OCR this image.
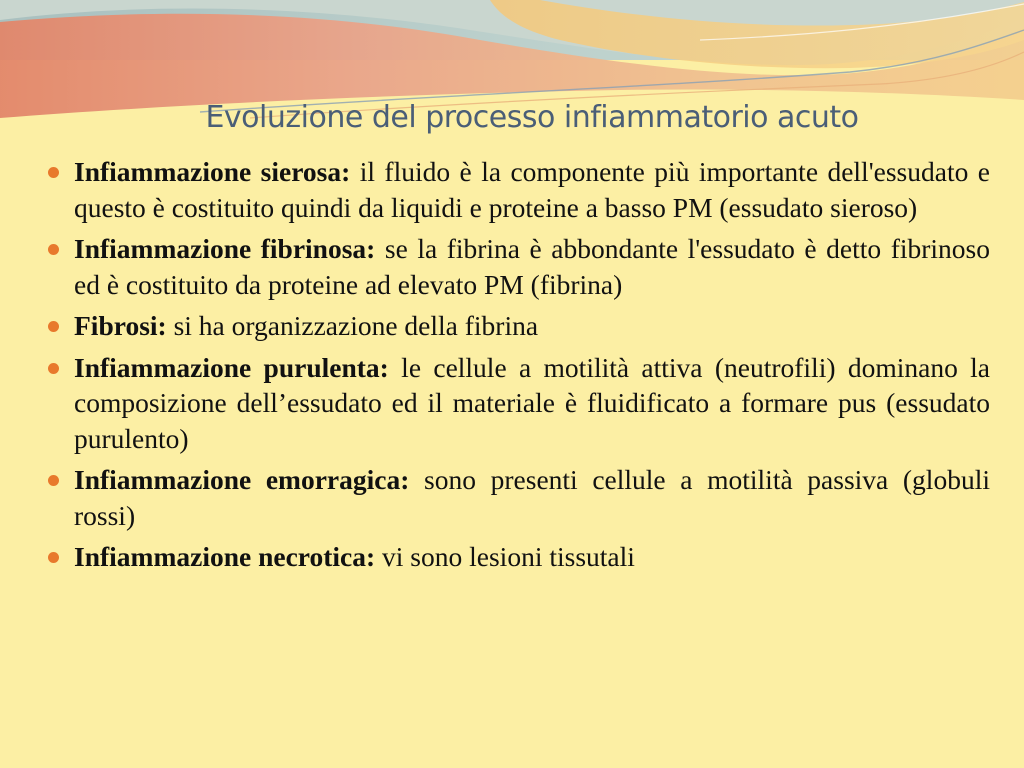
Evoluzione del processo infiammatorio acuto
Infiammazione sierosa: il fluido è la componente più importante dell'essudato e questo è costituito quindi da liquidi e proteine a basso PM (essudato sieroso)
Infiammazione fibrinosa: se la fibrina è abbondante l'essudato è detto fibrinoso ed è costituito da proteine ad elevato PM (fibrina)
Fibrosi: si ha organizzazione della fibrina
Infiammazione purulenta: le cellule a motilità attiva (neutrofili) dominano la composizione dell’essudato ed il materiale è fluidificato a formare pus (essudato purulento)
Infiammazione emorragica: sono presenti cellule a motilità passiva (globuli rossi)
Infiammazione necrotica: vi sono lesioni tissutali
